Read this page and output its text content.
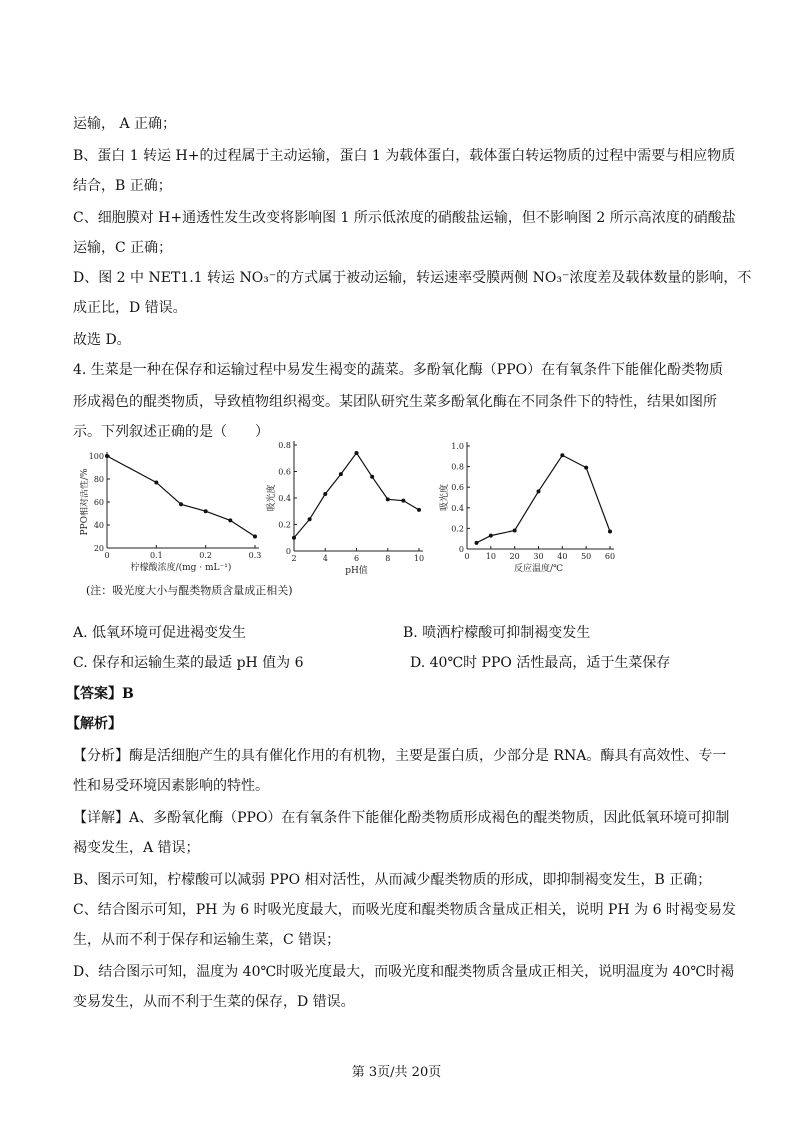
运输， A 正确；
B、蛋白 1 转运 H+的过程属于主动运输，蛋白 1 为载体蛋白，载体蛋白转运物质的过程中需要与相应物质
结合，B 正确；
C、细胞膜对 H+通透性发生改变将影响图 1 所示低浓度的硝酸盐运输，但不影响图 2 所示高浓度的硝酸盐
运输，C 正确；
D、图 2 中 NET1.1 转运 NO₃⁻的方式属于被动运输，转运速率受膜两侧 NO₃⁻浓度差及载体数量的影响，不
成正比，D 错误。
故选 D。
4. 生菜是一种在保存和运输过程中易发生褐变的蔬菜。多酚氧化酶（PPO）在有氧条件下能催化酚类物质
形成褐色的醌类物质，导致植物组织褐变。某团队研究生菜多酚氧化酶在不同条件下的特性，结果如图所
示。下列叙述正确的是（　　）
0	0.1	0.2	0.3
20
40
60
80
100
柠檬酸浓度/(mg · mL⁻¹)
PPO相对活性/%
2	4	6	8	10
0
0.2
0.4
0.6
0.8
pH值
吸光度
0 10 20 30 40 50 60
0
0.2
0.4
0.6
0.8
1.0
反应温度/℃
吸光度
(注：吸光度大小与醌类物质含量成正相关)
A. 低氧环境可促进褐变发生	B. 喷洒柠檬酸可抑制褐变发生
C. 保存和运输生菜的最适 pH 值为 6	D. 40℃时 PPO 活性最高，适于生菜保存
【答案】B
【解析】
【分析】酶是活细胞产生的具有催化作用的有机物，主要是蛋白质，少部分是 RNA。酶具有高效性、专一
性和易受环境因素影响的特性。
【详解】A、多酚氧化酶（PPO）在有氧条件下能催化酚类物质形成褐色的醌类物质，因此低氧环境可抑制
褐变发生，A 错误；
B、图示可知，柠檬酸可以减弱 PPO 相对活性，从而减少醌类物质的形成，即抑制褐变发生，B 正确；
C、结合图示可知，PH 为 6 时吸光度最大，而吸光度和醌类物质含量成正相关，说明 PH 为 6 时褐变易发
生，从而不利于保存和运输生菜，C 错误；
D、结合图示可知，温度为 40℃时吸光度最大，而吸光度和醌类物质含量成正相关，说明温度为 40℃时褐
变易发生，从而不利于生菜的保存，D 错误。
第 3页/共 20页
